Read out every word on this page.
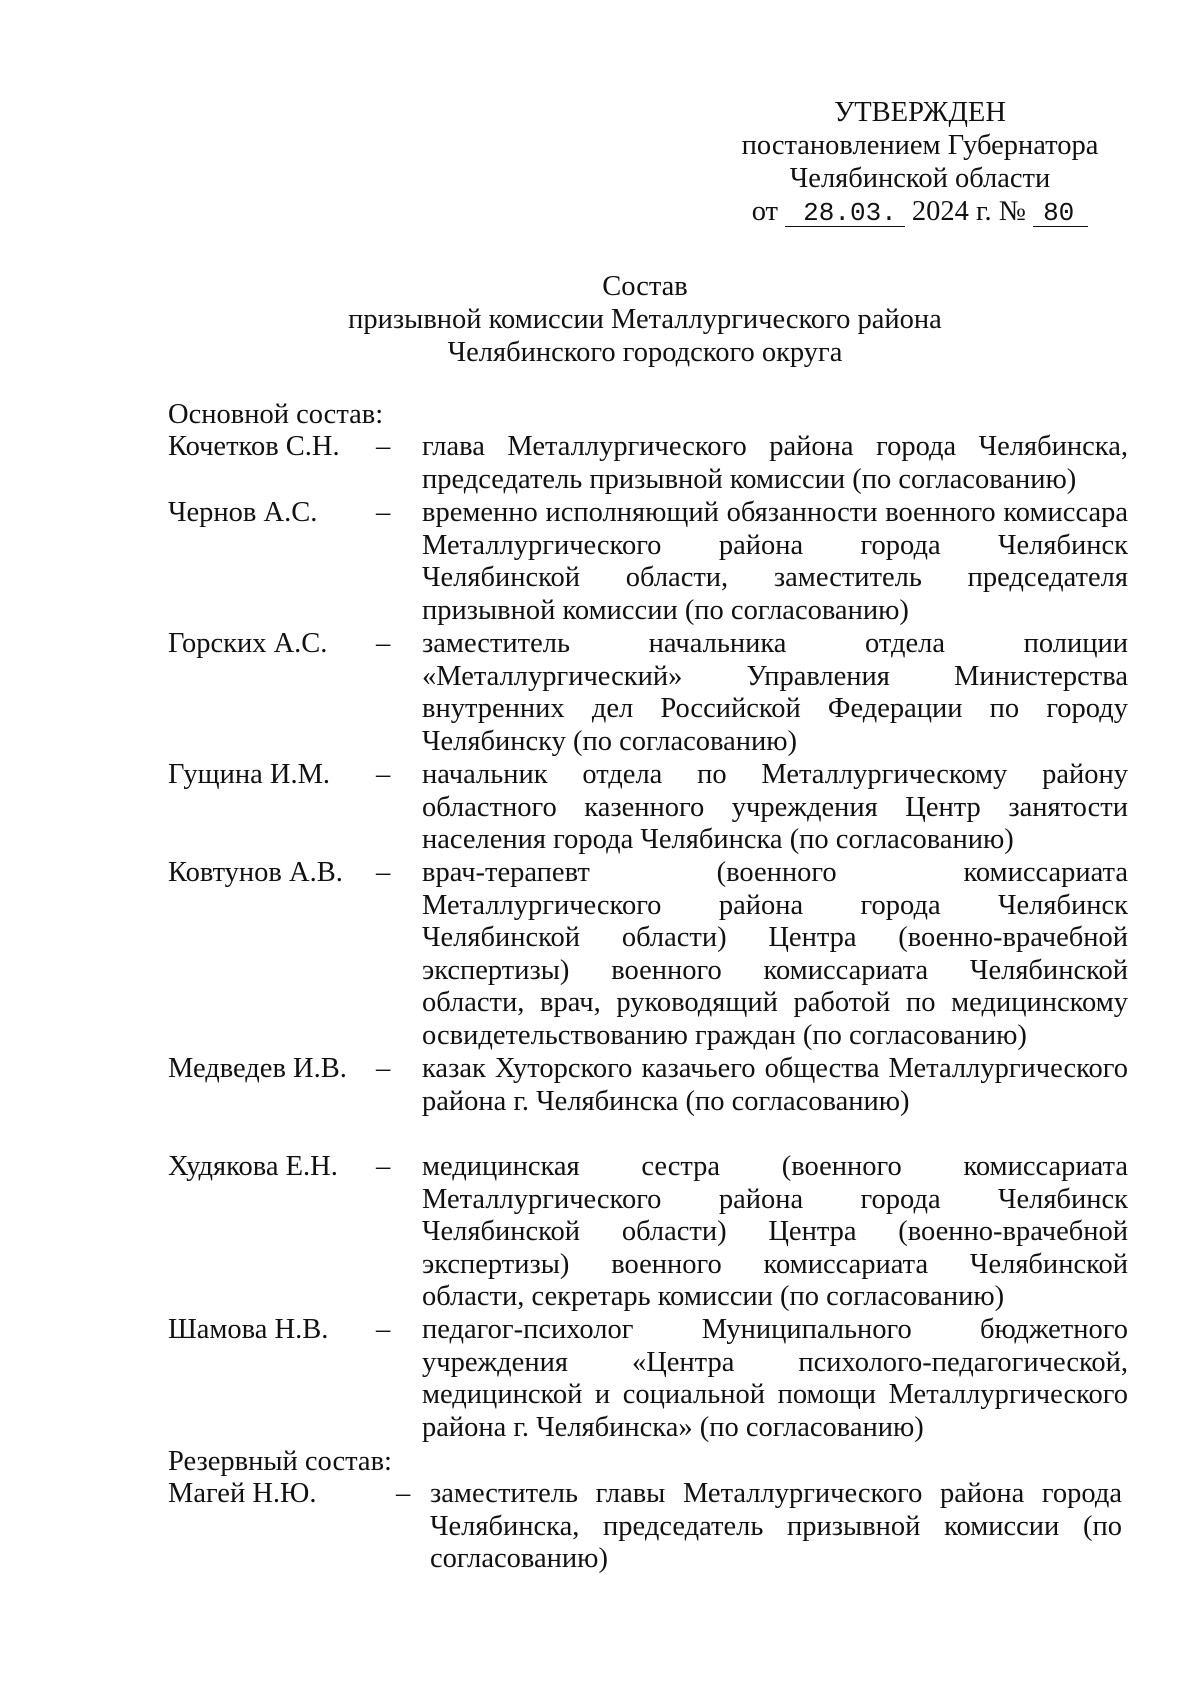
УТВЕРЖДЕН
постановлением Губернатора
Челябинской области
от 28.03. 2024 г. № 80
Состав
призывной комиссии Металлургического района
Челябинского городского округа
Основной состав:
Кочетков С.Н. – глава Металлургического района города Челябинска, председатель призывной комиссии (по согласованию)
Чернов А.С. – временно исполняющий обязанности военного комиссара Металлургического района города Челябинск Челябинской области, заместитель председателя призывной комиссии (по согласованию)
Горских А.С. – заместитель начальника отдела полиции «Металлургический» Управления Министерства внутренних дел Российской Федерации по городу Челябинску (по согласованию)
Гущина И.М. – начальник отдела по Металлургическому району областного казенного учреждения Центр занятости населения города Челябинска (по согласованию)
Ковтунов А.В. – врач-терапевт (военного комиссариата Металлургического района города Челябинск Челябинской области) Центра (военно-врачебной экспертизы) военного комиссариата Челябинской области, врач, руководящий работой по медицинскому освидетельствованию граждан (по согласованию)
Медведев И.В. – казак Хуторского казачьего общества Металлургического района г. Челябинска (по согласованию)
Худякова Е.Н. – медицинская сестра (военного комиссариата Металлургического района города Челябинск Челябинской области) Центра (военно-врачебной экспертизы) военного комиссариата Челябинской области, секретарь комиссии (по согласованию)
Шамова Н.В. – педагог-психолог Муниципального бюджетного учреждения «Центра психолого-педагогической, медицинской и социальной помощи Металлургического района г. Челябинска» (по согласованию)
Резервный состав:
Магей Н.Ю.	– заместитель главы Металлургического района города Челябинска, председатель призывной комиссии (по согласованию)
